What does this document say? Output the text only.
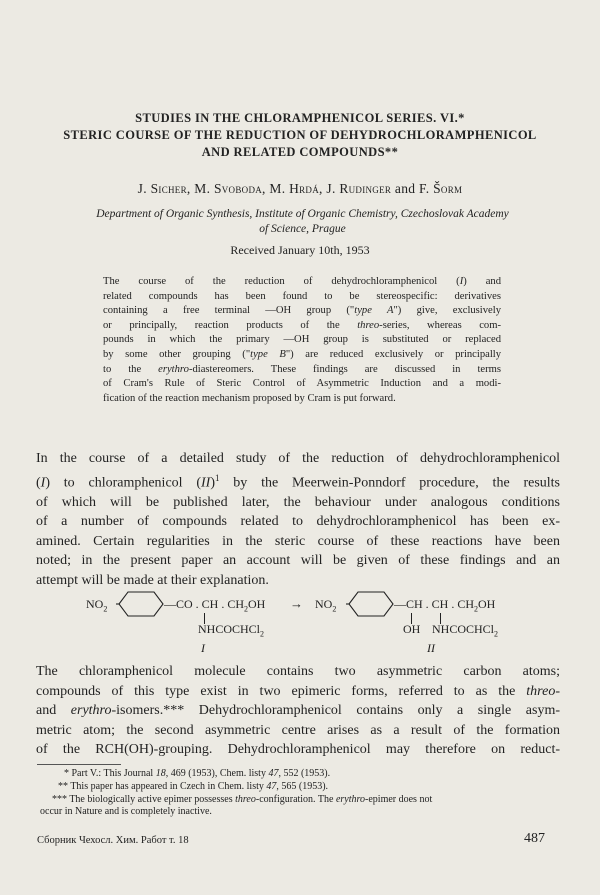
STUDIES IN THE CHLORAMPHENICOL SERIES. VI.*
STERIC COURSE OF THE REDUCTION OF DEHYDROCHLORAMPHENICOL
AND RELATED COMPOUNDS**
J. Sicher, M. Svoboda, M. Hrdá, J. Rudinger and F. Šorm
Department of Organic Synthesis, Institute of Organic Chemistry, Czechoslovak Academy
of Science, Prague
Received January 10th, 1953
The course of the reduction of dehydrochloramphenicol (I) and
related compounds has been found to be stereospecific: derivatives
containing a free terminal —OH group ("type A") give, exclusively
or principally, reaction products of the threo-series, whereas com-
pounds in which the primary —OH group is substituted or replaced
by some other grouping ("type B") are reduced exclusively or principally
to the erythro-diastereomers. These findings are discussed in terms
of Cram's Rule of Steric Control of Asymmetric Induction and a modi-
fication of the reaction mechanism proposed by Cram is put forward.
In the course of a detailed study of the reduction of dehydrochloramphenicol
(I) to chloramphenicol (II)$^1$ by the Meerwein-Ponndorf procedure, the results
of which will be published later, the behaviour under analogous conditions
of a number of compounds related to dehydrochloramphenicol has been ex-
amined. Certain regularities in the steric course of these reactions have been
noted; in the present paper an account will be given of these findings and an
attempt will be made at their explanation.
$NO_2$	—CO . CH . $CH_2OH$
NHCOCHCl$_2$
I
→ $NO_2$	—CH . CH . $CH_2OH$
OH NHCOCHCl$_2$
II
The chloramphenicol molecule contains two asymmetric carbon atoms;
compounds of this type exist in two epimeric forms, referred to as the threo-
and erythro-isomers.*** Dehydrochloramphenicol contains only a single asym-
metric atom; the second asymmetric centre arises as a result of the formation
of the RCH(OH)-grouping. Dehydrochloramphenicol may therefore on reduct-
* Part V.: This Journal 18, 469 (1953), Chem. listy 47, 552 (1953).
** This paper has appeared in Czech in Chem. listy 47, 565 (1953).
*** The biologically active epimer possesses threo-configuration. The erythro-epimer does not
occur in Nature and is completely inactive.
Сборник Чехосл. Хим. Работ т. 18	487
